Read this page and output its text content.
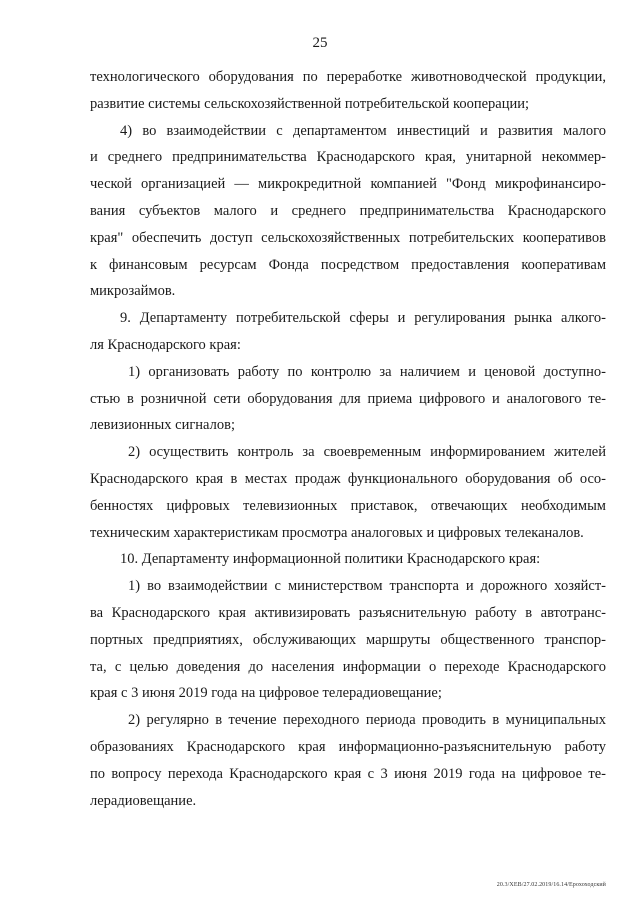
25
технологического оборудования по переработке животноводческой продукции,
развитие системы сельскохозяйственной потребительской кооперации;
4) во взаимодействии с департаментом инвестиций и развития малого
и среднего предпринимательства Краснодарского края, унитарной некоммер-
ческой организацией — микрокредитной компанией "Фонд микрофинансиро-
вания субъектов малого и среднего предпринимательства Краснодарского
края" обеспечить доступ сельскохозяйственных потребительских кооперативов
к финансовым ресурсам Фонда посредством предоставления кооперативам
микрозаймов.
9. Департаменту потребительской сферы и регулирования рынка алкого-
ля Краснодарского края:
1) организовать работу по контролю за наличием и ценовой доступно-
стью в розничной сети оборудования для приема цифрового и аналогового те-
левизионных сигналов;
2) осуществить контроль за своевременным информированием жителей
Краснодарского края в местах продаж функционального оборудования об осо-
бенностях цифровых телевизионных приставок, отвечающих необходимым
техническим характеристикам просмотра аналоговых и цифровых телеканалов.
10. Департаменту информационной политики Краснодарского края:
1) во взаимодействии с министерством транспорта и дорожного хозяйст-
ва Краснодарского края активизировать разъяснительную работу в автотранс-
портных предприятиях, обслуживающих маршруты общественного транспор-
та, с целью доведения до населения информации о переходе Краснодарского
края с 3 июня 2019 года на цифровое телерадиовещание;
2) регулярно в течение переходного периода проводить в муниципальных
образованиях Краснодарского края информационно-разъяснительную работу
по вопросу перехода Краснодарского края с 3 июня 2019 года на цифровое те-
лерадиовещание.
20.3/XEB/27.02.2019/16.14/Ерохоходский
